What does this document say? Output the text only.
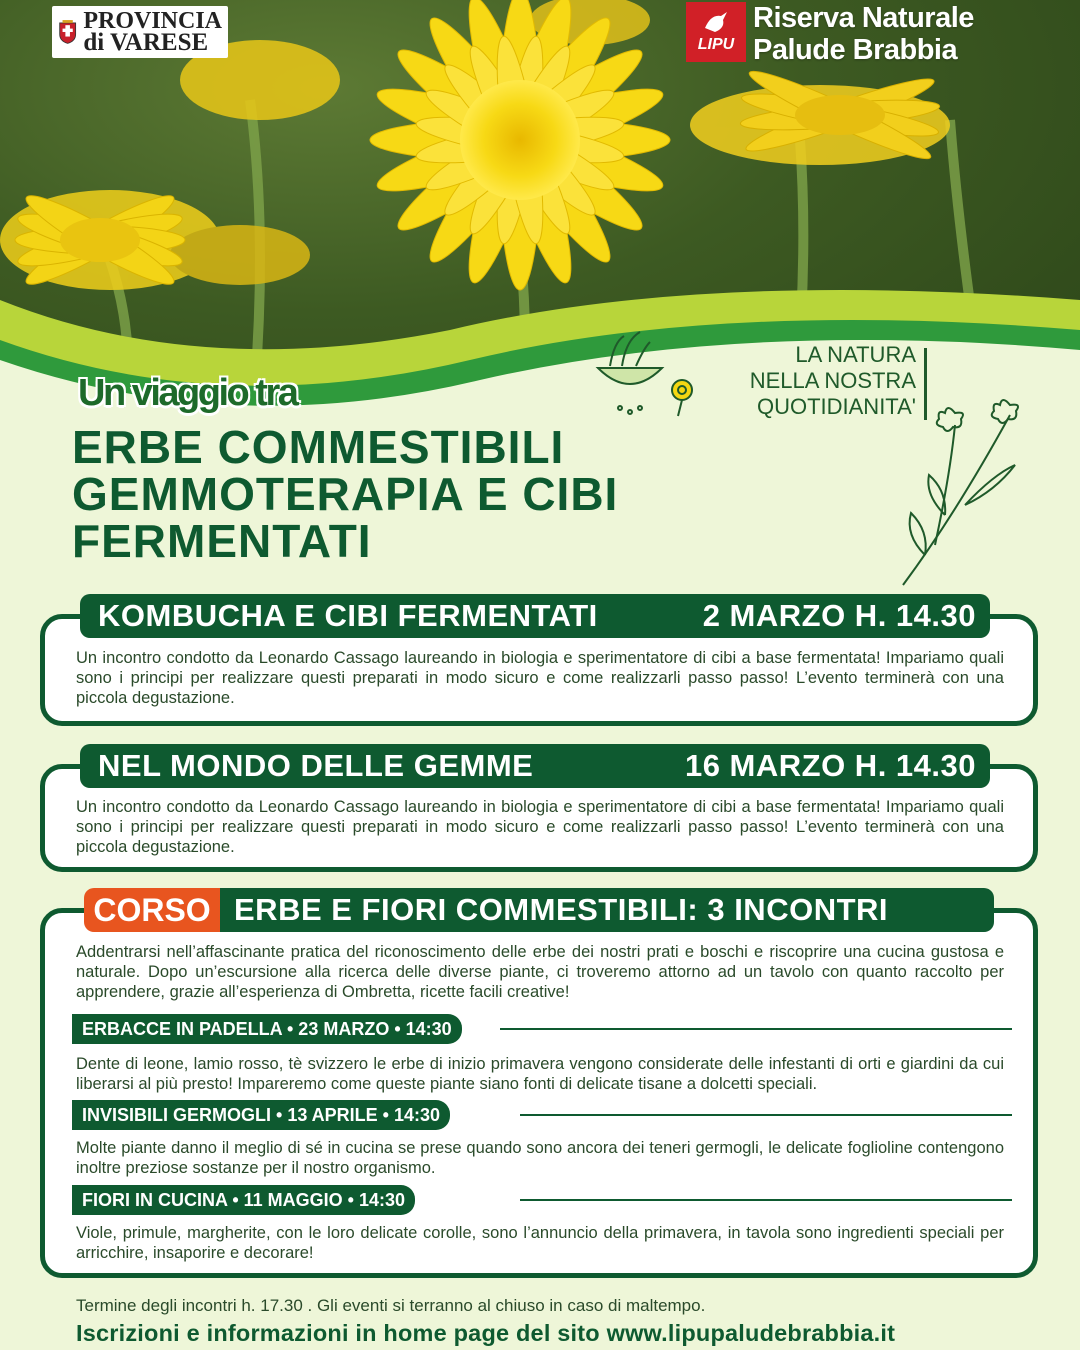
PROVINCIA
di VARESE	LIPU
Riserva Naturale
Palude Brabbia
LA NATURA
NELLA NOSTRA
QUOTIDIANITA'
Un viaggio tra
ERBE COMMESTIBILI
GEMMOTERAPIA E CIBI
FERMENTATI
KOMBUCHA E CIBI FERMENTATI	2 MARZO H. 14.30
Un incontro condotto da Leonardo Cassago laureando in biologia e sperimentatore di cibi a base fermentata! Impariamo quali sono i principi per realizzare questi preparati in modo sicuro e come realizzarli passo passo! L’evento terminerà con una piccola degustazione.
NEL MONDO DELLE GEMME	16 MARZO H. 14.30
Un incontro condotto da Leonardo Cassago laureando in biologia e sperimentatore di cibi a base fermentata! Impariamo quali sono i principi per realizzare questi preparati in modo sicuro e come realizzarli passo passo! L’evento terminerà con una piccola degustazione.
ERBE E FIORI COMMESTIBILI: 3 INCONTRI
CORSO
Addentrarsi nell’affascinante pratica del riconoscimento delle erbe dei nostri prati e boschi e riscoprire una cucina gustosa e naturale. Dopo un’escursione alla ricerca delle diverse piante, ci troveremo attorno ad un tavolo con quanto raccolto per apprendere, grazie all’esperienza di Ombretta, ricette facili creative!
ERBACCE IN PADELLA • 23 MARZO • 14:30
Dente di leone, lamio rosso, tè svizzero le erbe di inizio primavera vengono considerate delle infestanti di orti e giardini da cui liberarsi al più presto! Impareremo come queste piante siano fonti di delicate tisane a dolcetti speciali.
INVISIBILI GERMOGLI • 13 APRILE • 14:30
Molte piante danno il meglio di sé in cucina se prese quando sono ancora dei teneri germogli, le delicate foglioline contengono inoltre preziose sostanze per il nostro organismo.
FIORI IN CUCINA • 11 MAGGIO • 14:30
Viole, primule, margherite, con le loro delicate corolle, sono l’annuncio della primavera, in tavola sono ingredienti speciali per arricchire, insaporire e decorare!
Termine degli incontri h. 17.30 . Gli eventi si terranno al chiuso in caso di maltempo.
Iscrizioni e informazioni in home page del sito www.lipupaludebrabbia.it
